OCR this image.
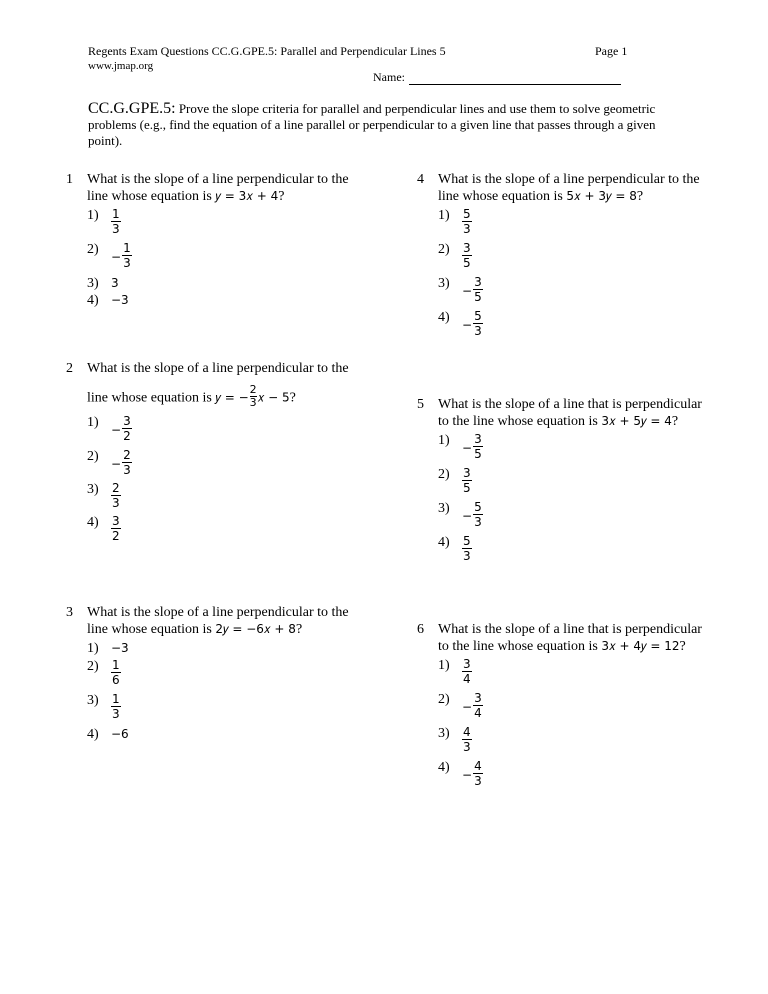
Regents Exam Questions CC.G.GPE.5: Parallel and Perpendicular Lines 5	Page 1
www.jmap.org
Name:
CC.G.GPE.5: Prove the slope criteria for parallel and perpendicular lines and use them to solve geometric problems (e.g., find the equation of a line parallel or perpendicular to a given line that passes through a given point).
1 What is the slope of a line perpendicular to the
line whose equation is 𝑦 = 3𝑥 + 4?
1)	$\frac{1}{3}$
2)	− $\frac{1}{3}$
3)	3
4)	−3
2 What is the slope of a line perpendicular to the
line whose equation is 𝑦 = − $\frac{2}{3}$ 𝑥 − 5?
1)	− $\frac{3}{2}$
2)	− $\frac{2}{3}$
3)	$\frac{2}{3}$
4)	$\frac{3}{2}$
3 What is the slope of a line perpendicular to the
line whose equation is 2𝑦 = −6𝑥 + 8?
1)	−3
2)	$\frac{1}{6}$
3)	$\frac{1}{3}$
4)	−6
4 What is the slope of a line perpendicular to the
line whose equation is 5𝑥 + 3𝑦 = 8?
1)	$\frac{5}{3}$
2)	$\frac{3}{5}$
3)	− $\frac{3}{5}$
4)	− $\frac{5}{3}$
5 What is the slope of a line that is perpendicular
to the line whose equation is 3𝑥 + 5𝑦 = 4?
1)	− $\frac{3}{5}$
2)	$\frac{3}{5}$
3)	− $\frac{5}{3}$
4)	$\frac{5}{3}$
6 What is the slope of a line that is perpendicular
to the line whose equation is 3𝑥 + 4𝑦 = 12?
1)	$\frac{3}{4}$
2)	− $\frac{3}{4}$
3)	$\frac{4}{3}$
4)	− $\frac{4}{3}$
